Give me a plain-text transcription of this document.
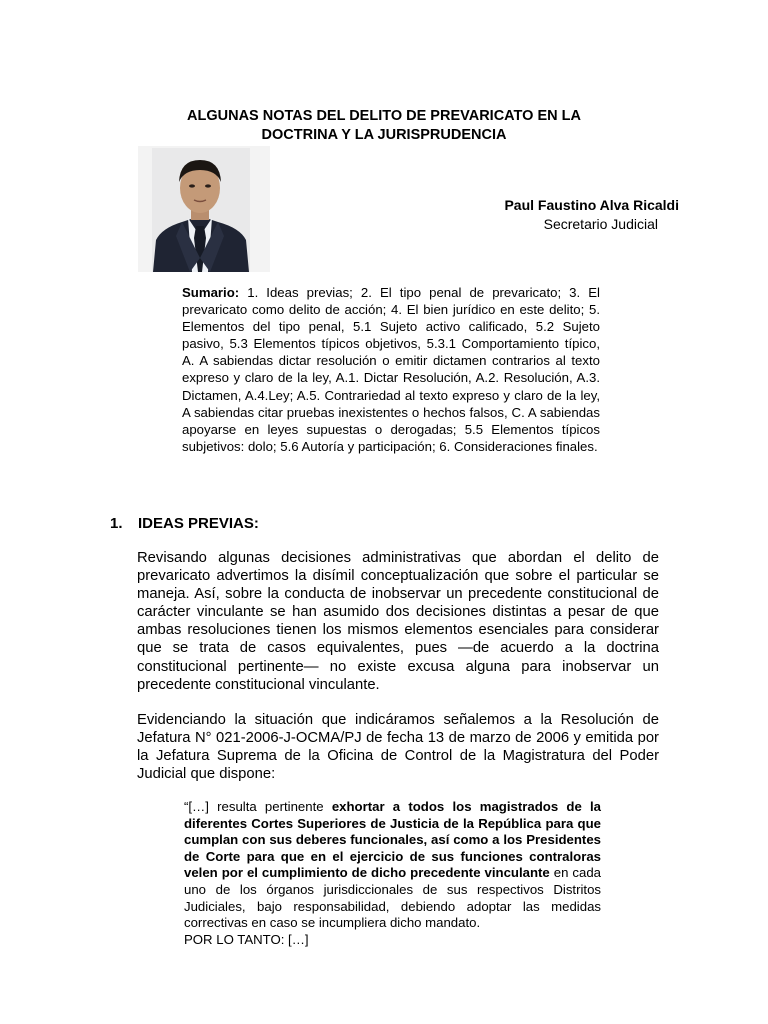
ALGUNAS NOTAS DEL DELITO DE PREVARICATO EN LA
DOCTRINA Y LA JURISPRUDENCIA
Paul Faustino Alva Ricaldi
Secretario Judicial
Sumario: 1. Ideas previas; 2. El tipo penal de prevaricato; 3. El prevaricato como delito de acción; 4. El bien jurídico en este delito; 5. Elementos del tipo penal, 5.1 Sujeto activo calificado, 5.2 Sujeto pasivo, 5.3 Elementos típicos objetivos, 5.3.1 Comportamiento típico, A. A sabiendas dictar resolución o emitir dictamen contrarios al texto expreso y claro de la ley, A.1. Dictar Resolución, A.2. Resolución, A.3. Dictamen, A.4.Ley; A.5. Contrariedad al texto expreso y claro de la ley, A sabiendas citar pruebas inexistentes o hechos falsos, C. A sabiendas apoyarse en leyes supuestas o derogadas; 5.5 Elementos típicos subjetivos: dolo; 5.6 Autoría y participación; 6. Consideraciones finales.
1. IDEAS PREVIAS:
Revisando algunas decisiones administrativas que abordan el delito de prevaricato advertimos la disímil conceptualización que sobre el particular se maneja. Así, sobre la conducta de inobservar un precedente constitucional de carácter vinculante se han asumido dos decisiones distintas a pesar de que ambas resoluciones tienen los mismos elementos esenciales para considerar que se trata de casos equivalentes, pues —de acuerdo a la doctrina constitucional pertinente— no existe excusa alguna para inobservar un precedente constitucional vinculante.
Evidenciando la situación que indicáramos señalemos a la Resolución de Jefatura N° 021-2006-J-OCMA/PJ de fecha 13 de marzo de 2006 y emitida por la Jefatura Suprema de la Oficina de Control de la Magistratura del Poder Judicial que dispone:
“[…] resulta pertinente exhortar a todos los magistrados de la diferentes Cortes Superiores de Justicia de la República para que cumplan con sus deberes funcionales, así como a los Presidentes de Corte para que en el ejercicio de sus funciones contraloras velen por el cumplimiento de dicho precedente vinculante en cada uno de los órganos jurisdiccionales de sus respectivos Distritos Judiciales, bajo responsabilidad, debiendo adoptar las medidas correctivas en caso se incumpliera dicho mandato.
POR LO TANTO: […]
